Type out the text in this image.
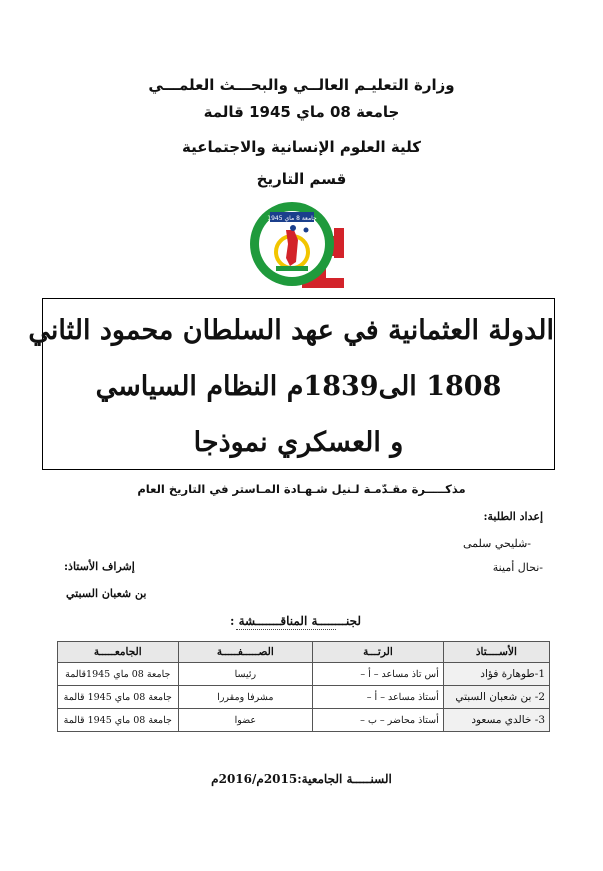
وزارة التعليـم العالــي والبحـــث العلمـــي
جامعة 08 ماي 1945 قالمة
كلية العلوم الإنسانية والاجتماعية
قسم التاريخ
جامعة 8 ماي 1945
الدولة العثمانية في عهد السلطان محمود الثاني
1808 الى1839م النظام السياسي
و العسكري نموذجا
مذكـــــرة مقـدّمـة لـنيل شـهـادة المـاستر في التاريخ العام
إعداد الطلبة:
-شليحي سلمى
-نحال أمينة
إشراف الأستاذ:
بن شعبان السبتي
لجنــــــــة المناقـــــــشة :
الأســــتاذ	الرتـــة	الصـــــفـــــة	الجامعـــــة
1-طوهارة فؤاد	أس تاذ مساعد – أ –	رئيسا	جامعة 08 ماي 1945قالمة
2- بن شعبان السبتي	أستاذ مساعد – أ –	مشرفا ومقررا	جامعة 08 ماي 1945 قالمة
3- خالدي مسعود	أستاذ محاضر – ب –	عضوا	جامعة 08 ماي 1945 قالمة
السنـــــة الجامعية:2015م/2016م
